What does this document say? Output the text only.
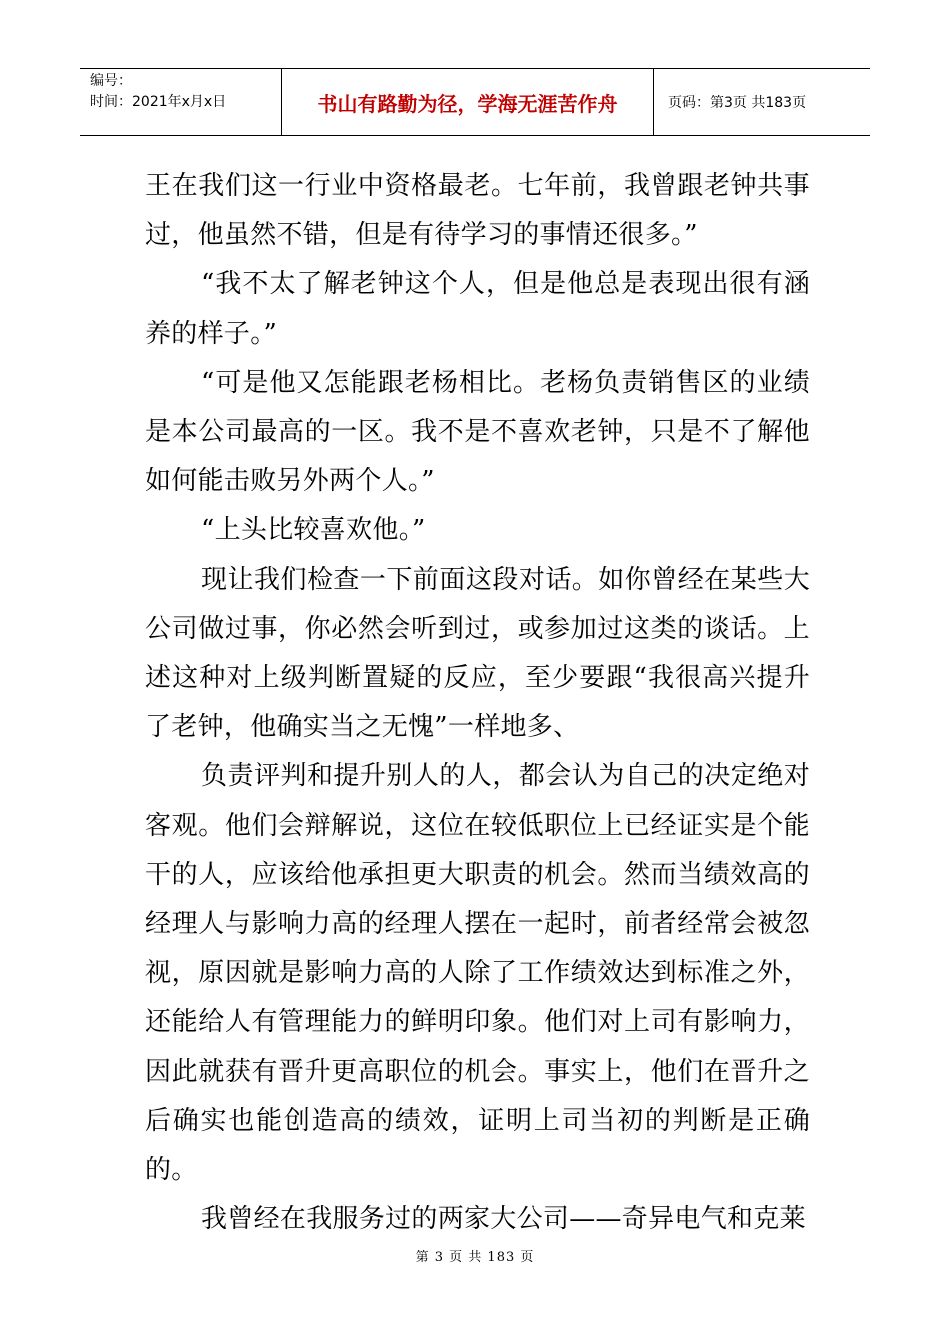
编号：
时间：2021年x月x日	书山有路勤为径，学海无涯苦作舟	页码：第3页 共183页

王在我们这一行业中资格最老。七年前，我曾跟老钟共事过，他虽然不错，但是有待学习的事情还很多。”

“我不太了解老钟这个人，但是他总是表现出很有涵养的样子。”

“可是他又怎能跟老杨相比。老杨负责销售区的业绩是本公司最高的一区。我不是不喜欢老钟，只是不了解他如何能击败另外两个人。”

“上头比较喜欢他。”

现让我们检查一下前面这段对话。如你曾经在某些大公司做过事，你必然会听到过，或参加过这类的谈话。上述这种对上级判断置疑的反应，至少要跟“我很高兴提升了老钟，他确实当之无愧”一样地多、

负责评判和提升别人的人，都会认为自己的决定绝对客观。他们会辩解说，这位在较低职位上已经证实是个能干的人，应该给他承担更大职责的机会。然而当绩效高的经理人与影响力高的经理人摆在一起时，前者经常会被忽视，原因就是影响力高的人除了工作绩效达到标准之外，还能给人有管理能力的鲜明印象。他们对上司有影响力，因此就获有晋升更高职位的机会。事实上，他们在晋升之后确实也能创造高的绩效，证明上司当初的判断是正确的。

我曾经在我服务过的两家大公司——奇异电气和克莱

第 3 页 共 183 页
